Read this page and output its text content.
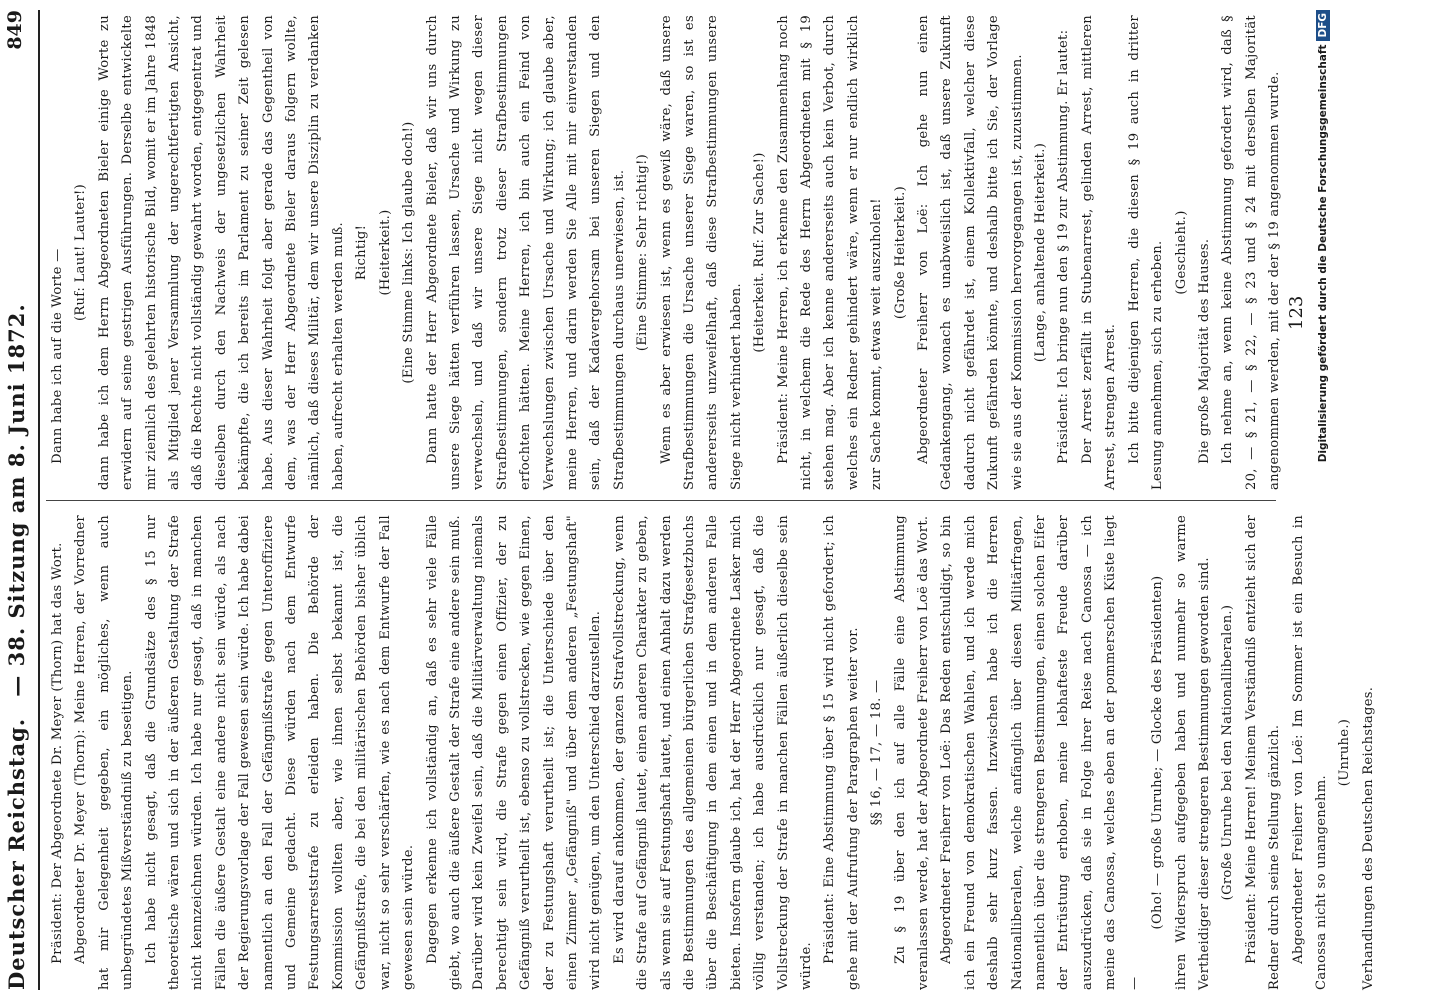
Deutscher Reichstag.
— 38. Sitzung am 8. Juni 1872.
849

Präsident: Der Abgeordnete Dr. Meyer (Thorn) hat das Wort. Abgeordneter Dr. Meyer (Thorn): Meine Herren, der Vorredner hat mir Gelegenheit gegeben, ein mögliches, wenn auch unbegründetes Mißverständniß zu beseitigen. Ich habe nicht gesagt, daß die Grundsätze des § 15 nur theoretische wären und sich in der äußeren Gestaltung der Strafe nicht kennzeichnen würden. Ich habe nur gesagt, daß in manchen Fällen die äußere Gestalt eine andere nicht sein würde, als nach der Regierungsvorlage der Fall gewesen sein würde. Ich habe dabei namentlich an den Fall der Gefängnißstrafe gegen Unteroffiziere und Gemeine gedacht. Diese würden nach dem Entwurfe Festungsarreststrafe zu erleiden haben. Die Behörde der Kommission wollten aber, wie ihnen selbst bekannt ist, die Gefängnißstrafe, die bei den militärischen Behörden bisher üblich war, nicht so sehr verschärfen, wie es nach dem Entwurfe der Fall gewesen sein würde. Dagegen erkenne ich vollständig an, daß es sehr viele Fälle giebt, wo auch die äußere Gestalt der Strafe eine andere sein muß. Darüber wird kein Zweifel sein, daß die Militärverwaltung niemals berechtigt sein wird, die Strafe gegen einen Offizier, der zu Gefängniß verurtheilt ist, ebenso zu vollstrecken, wie gegen Einen, der zu Festungshaft verurtheilt ist; die Unterschiede über den einen Zimmer „Gefängniß" und über dem anderen „Festungshaft" wird nicht genügen, um den Unterschied darzustellen. Es wird darauf ankommen, der ganzen Strafvollstreckung, wenn die Strafe auf Gefängniß lautet, einen anderen Charakter zu geben, als wenn sie auf Festungshaft lautet, und einen Anhalt dazu werden die Bestimmungen des allgemeinen bürgerlichen Strafgesetzbuchs über die Beschäftigung in dem einen und in dem anderen Falle bieten. Insofern glaube ich, hat der Herr Abgeordnete Lasker mich völlig verstanden; ich habe ausdrücklich nur gesagt, daß die Vollstreckung der Strafe in manchen Fällen äußerlich dieselbe sein würde.

Präsident: Eine Abstimmung über § 15 wird nicht gefordert; ich gehe mit der Aufrufung der Paragraphen weiter vor. §§ 16, — 17, — 18. — Zu § 19 über den ich auf alle Fälle eine Abstimmung veranlassen werde, hat der Abgeordnete Freiherr von Loë das Wort. Abgeordneter Freiherr von Loë: Das Reden entschuldigt, so bin ich ein Freund von demokratischen Wahlen, und ich werde mich deshalb sehr kurz fassen. Inzwischen habe ich die Herren Nationalliberalen, welche anfänglich über diesen Militärfragen, namentlich über die strengeren Bestimmungen, einen solchen Eifer der Entrüstung erhoben, meine lebhafteste Freude darüber auszudrücken, daß sie in Folge ihrer Reise nach Canossa — ich meine das Canossa, welches eben an der pommerschen Küste liegt —

(Oho! — große Unruhe; — Glocke des Präsidenten) ihren Widerspruch aufgegeben haben und nunmehr so warme Vertheidiger dieser strengeren Bestimmungen geworden sind. (Große Unruhe bei den Nationalliberalen.) Präsident: Meine Herren! Meinem Verständniß entzieht sich der Redner durch seine Stellung gänzlich. Abgeordneter Freiherr von Loë: Im Sommer ist ein Besuch in Canossa nicht so unangenehm.

(Unruhe.) Verhandlungen des Deutschen Reichstages.

Dann habe ich auf die Worte — (Ruf: Laut! Lauter!) dann habe ich dem Herrn Abgeordneten Bieler einige Worte zu erwidern auf seine gestrigen Ausführungen. Derselbe entwickelte mir ziemlich des gelehrten historische Bild, womit er im Jahre 1848 als Mitglied jener Versammlung der ungerechtfertigten Ansicht, daß die Rechte nicht vollständig gewahrt worden, entgegentrat und dieselben durch den Nachweis der ungesetzlichen Wahrheit bekämpfte, die ich bereits im Parlament zu seiner Zeit gelesen habe. Aus dieser Wahrheit folgt aber gerade das Gegentheil von dem, was der Herr Abgeordnete Bieler daraus folgern wollte, nämlich, daß dieses Militär, dem wir unsere Disziplin zu verdanken haben, aufrecht erhalten werden muß. Richtig! (Heiterkeit.) (Eine Stimme links: Ich glaube doch!) Dann hatte der Herr Abgeordnete Bieler, daß wir uns durch unsere Siege hätten verführen lassen, Ursache und Wirkung zu verwechseln, und daß wir unsere Siege nicht wegen dieser Strafbestimmungen, sondern trotz dieser Strafbestimmungen erfochten hätten. Meine Herren, ich bin auch ein Feind von Verwechslungen zwischen Ursache und Wirkung; ich glaube aber, meine Herren, und darin werden Sie Alle mit mir einverstanden sein, daß der Kadavergehorsam bei unseren Siegen und den Strafbestimmungen durchaus unerwiesen, ist. (Eine Stimme: Sehr richtig!) Wenn es aber erwiesen ist, wenn es gewiß wäre, daß unsere Strafbestimmungen die Ursache unserer Siege waren, so ist es andererseits unzweifelhaft, daß diese Strafbestimmungen unsere Siege nicht verhindert haben.

(Heiterkeit. Ruf: Zur Sache!) Präsident: Meine Herren, ich erkenne den Zusammenhang noch nicht, in welchem die Rede des Herrn Abgeordneten mit § 19 stehen mag. Aber ich kenne andererseits auch kein Verbot, durch welches ein Redner gehindert wäre, wenn er nur endlich wirklich zur Sache kommt, etwas weit auszuholen! (Große Heiterkeit.) Abgeordneter Freiherr von Loë: Ich gehe nun einen Gedankengang, wonach es unabweislich ist, daß unsere Zukunft dadurch nicht gefährdet ist, einem Kollektivfall, welcher diese Zukunft gefährden könnte, und deshalb bitte ich Sie, der Vorlage wie sie aus der Kommission hervorgegangen ist, zuzustimmen. (Lange, anhaltende Heiterkeit.) Präsident: Ich bringe nun den § 19 zur Abstimmung. Er lautet: Der Arrest zerfällt in Stubenarrest, gelinden Arrest, mittleren Arrest, strengen Arrest. Ich bitte diejenigen Herren, die diesen § 19 auch in dritter Lesung annehmen, sich zu erheben. (Geschieht.) Die große Majorität des Hauses. Ich nehme an, wenn keine Abstimmung gefordert wird, daß § 20, — § 21, — § 22, — § 23 und § 24 mit derselben Majorität angenommen werden, mit der der § 19 angenommen wurde. 123 Digitalisierung gefördert durch die Deutsche ForschungsgemeinschaftDFG
